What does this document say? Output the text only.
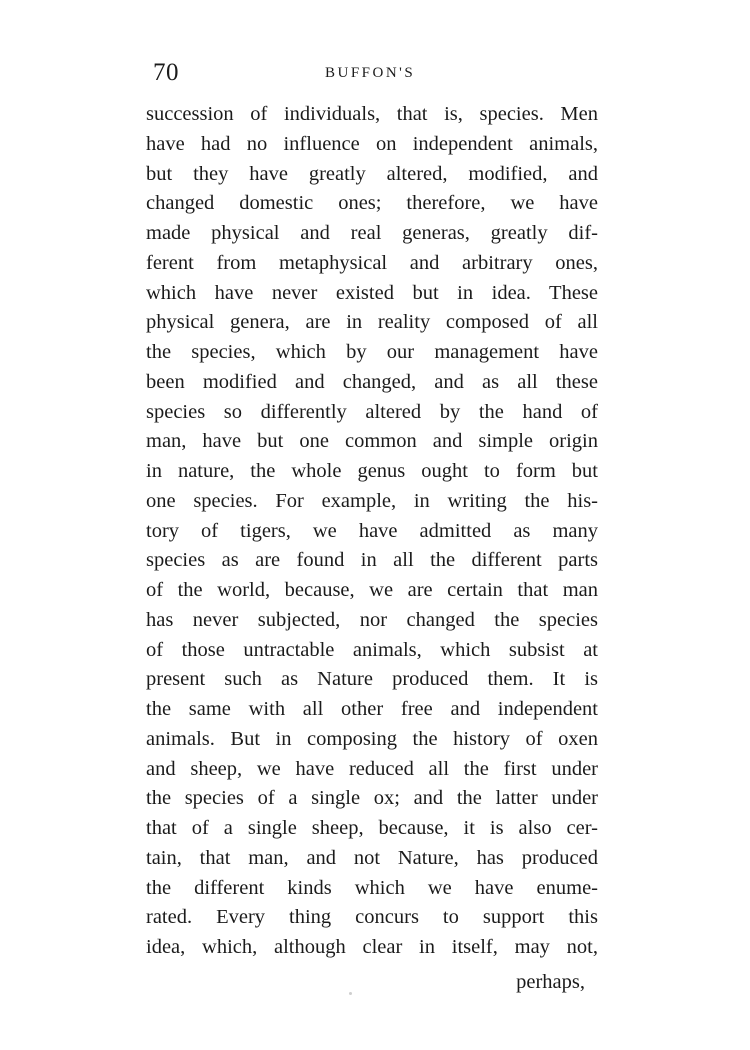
70	BUFFON'S
succession of individuals, that is, species. Men
have had no influence on independent animals,
but they have greatly altered, modified, and
changed domestic ones; therefore, we have
made physical and real generas, greatly dif-
ferent from metaphysical and arbitrary ones,
which have never existed but in idea. These
physical genera, are in reality composed of all
the species, which by our management have
been modified and changed, and as all these
species so differently altered by the hand of
man, have but one common and simple origin
in nature, the whole genus ought to form but
one species. For example, in writing the his-
tory of tigers, we have admitted as many
species as are found in all the different parts
of the world, because, we are certain that man
has never subjected, nor changed the species
of those untractable animals, which subsist at
present such as Nature produced them. It is
the same with all other free and independent
animals. But in composing the history of oxen
and sheep, we have reduced all the first under
the species of a single ox; and the latter under
that of a single sheep, because, it is also cer-
tain, that man, and not Nature, has produced
the different kinds which we have enume-
rated. Every thing concurs to support this
idea, which, although clear in itself, may not,
perhaps,
